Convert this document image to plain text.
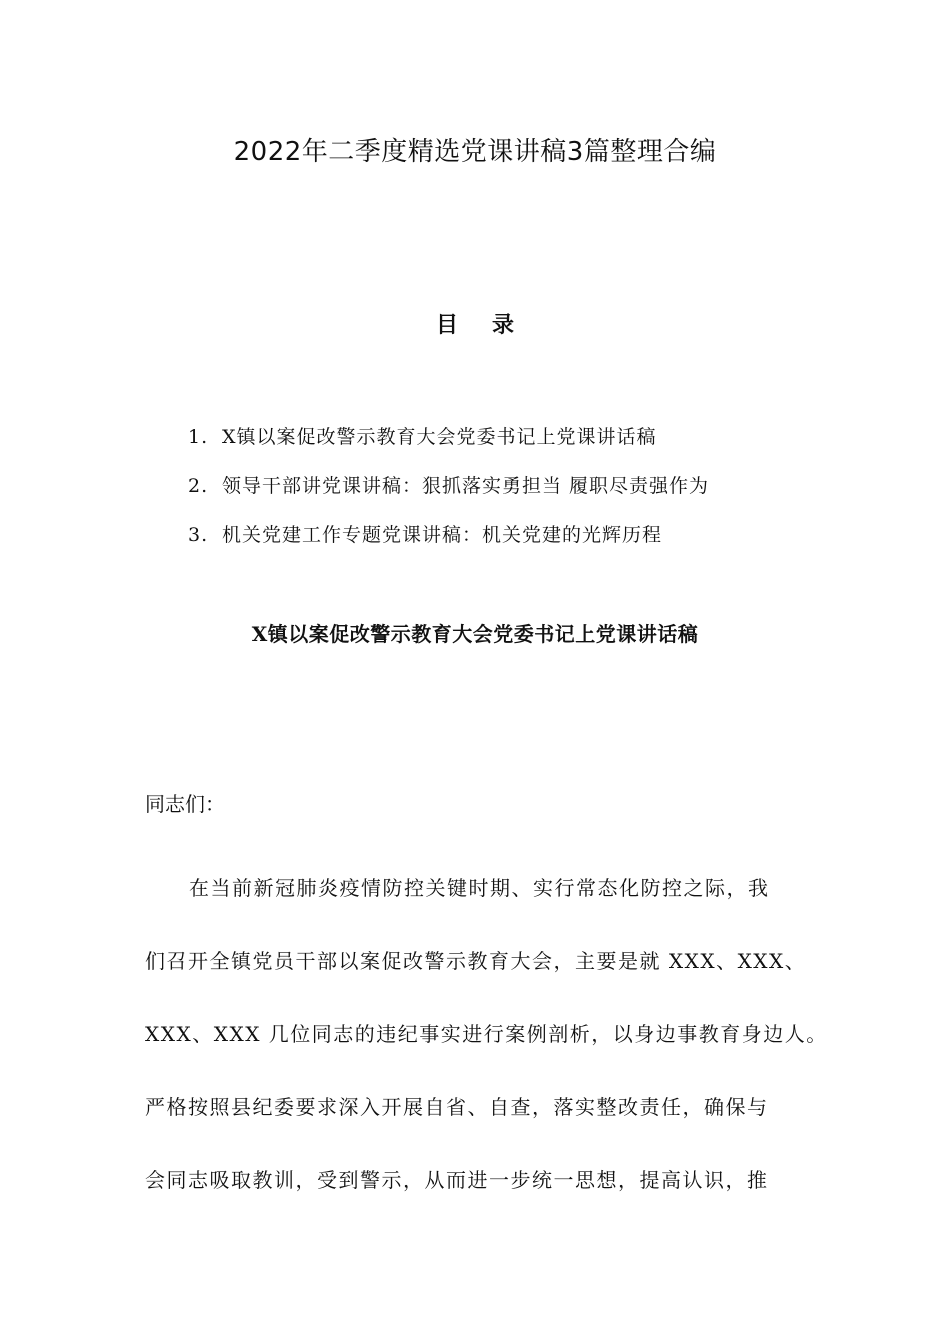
2022年二季度精选党课讲稿3篇整理合编
目 录
1. X镇以案促改警示教育大会党委书记上党课讲话稿
2. 领导干部讲党课讲稿：狠抓落实勇担当 履职尽责强作为
3. 机关党建工作专题党课讲稿：机关党建的光辉历程
X镇以案促改警示教育大会党委书记上党课讲话稿
同志们：
在当前新冠肺炎疫情防控关键时期、实行常态化防控之际，我
们召开全镇党员干部以案促改警示教育大会，主要是就 XXX、XXX、
XXX、XXX 几位同志的违纪事实进行案例剖析，以身边事教育身边人。
严格按照县纪委要求深入开展自省、自查，落实整改责任，确保与
会同志吸取教训，受到警示，从而进一步统一思想，提高认识，推
